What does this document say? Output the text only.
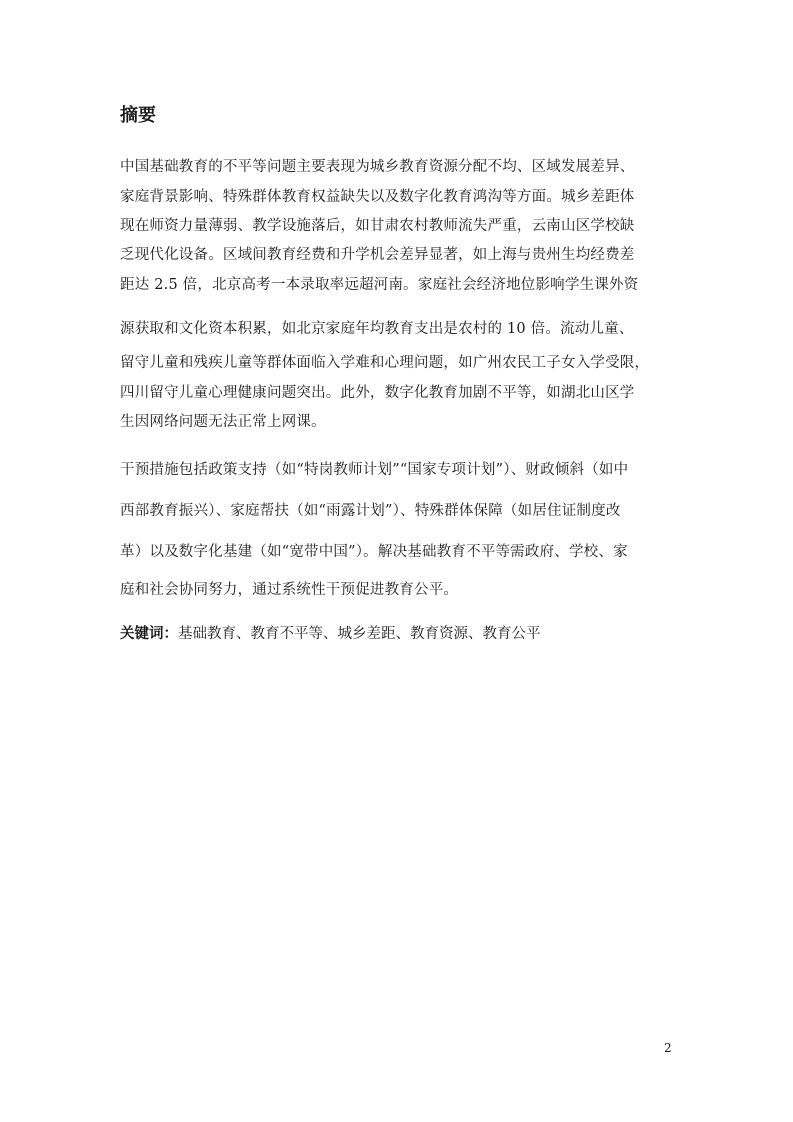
摘要

中国基础教育的不平等问题主要表现为城乡教育资源分配不均、区域发展差异、

家庭背景影响、特殊群体教育权益缺失以及数字化教育鸿沟等方面。城乡差距体

现在师资力量薄弱、教学设施落后，如甘肃农村教师流失严重，云南山区学校缺

乏现代化设备。区域间教育经费和升学机会差异显著，如上海与贵州生均经费差

距达 2.5 倍，北京高考一本录取率远超河南。家庭社会经济地位影响学生课外资

源获取和文化资本积累，如北京家庭年均教育支出是农村的 10 倍。流动儿童、

留守儿童和残疾儿童等群体面临入学难和心理问题，如广州农民工子女入学受限，

四川留守儿童心理健康问题突出。此外，数字化教育加剧不平等，如湖北山区学

生因网络问题无法正常上网课。

干预措施包括政策支持（如“特岗教师计划”“国家专项计划”）、财政倾斜（如中

西部教育振兴）、家庭帮扶（如“雨露计划”）、特殊群体保障（如居住证制度改

革）以及数字化基建（如“宽带中国”）。解决基础教育不平等需政府、学校、家

庭和社会协同努力，通过系统性干预促进教育公平。

关键词：基础教育、教育不平等、城乡差距、教育资源、教育公平

2
